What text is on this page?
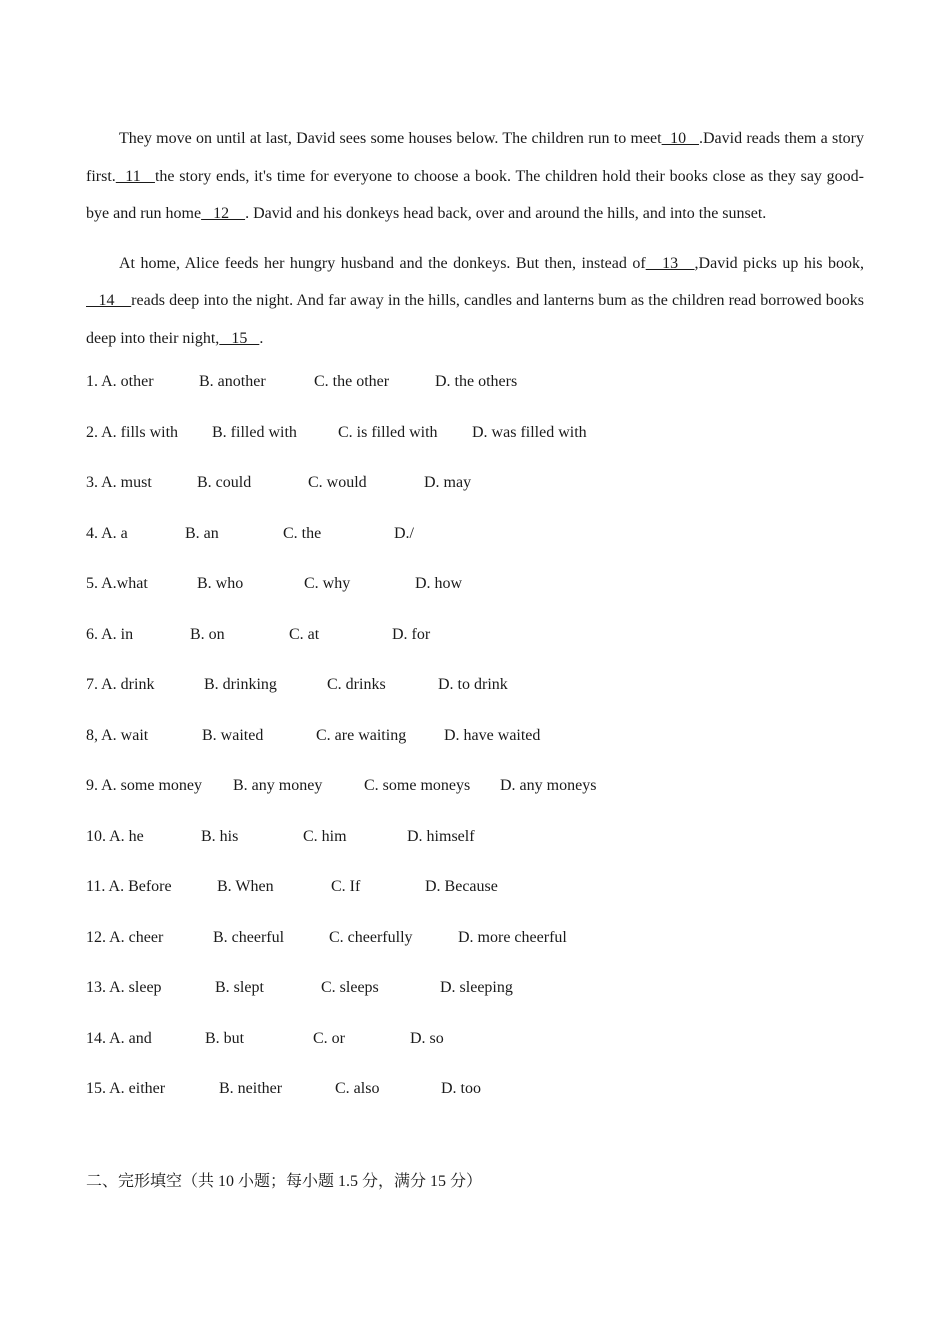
They move on until at last, David sees some houses below. The children run to meet  10   .David reads them a story first.  11   the story ends, it's time for everyone to choose a book. The children hold their books close as they say good-bye and run home   12    . David and his donkeys head back, over and around the hills, and into the sunset.

At home, Alice feeds her hungry husband and the donkeys. But then, instead of   13   ,David picks up his book,   14    reads deep into the night. And far away in the hills, candles and lanterns bum as the children read borrowed books deep into their night,   15   .

1. A. other	B. another	C. the other	D. the others
2. A. fills with B. filled with	C. is filled with D. was filled with
3. A. must	B. could	C. would	D. may
4. A. a	B. an	C. the	D./
5. A.what	B. who	C. why	D. how
6. A. in	B. on	C. at	D. for
7. A. drink	B. drinking	C. drinks	D. to drink
8, A. wait	B. waited	C. are waiting D. have waited
9. A. some money B. any money	C. some moneys D. any moneys
10. A. he	B. his	C. him	D. himself
11. A. Before	B. When	C. If	D. Because
12. A. cheer	B. cheerful	C. cheerfully	D. more cheerful
13. A. sleep	B. slept	C. sleeps	D. sleeping
14. A. and	B. but	C. or	D. so
15. A. either	B. neither	C. also	D. too
二、完形填空（共 10 小题；每小题 1.5 分，满分 15 分）
